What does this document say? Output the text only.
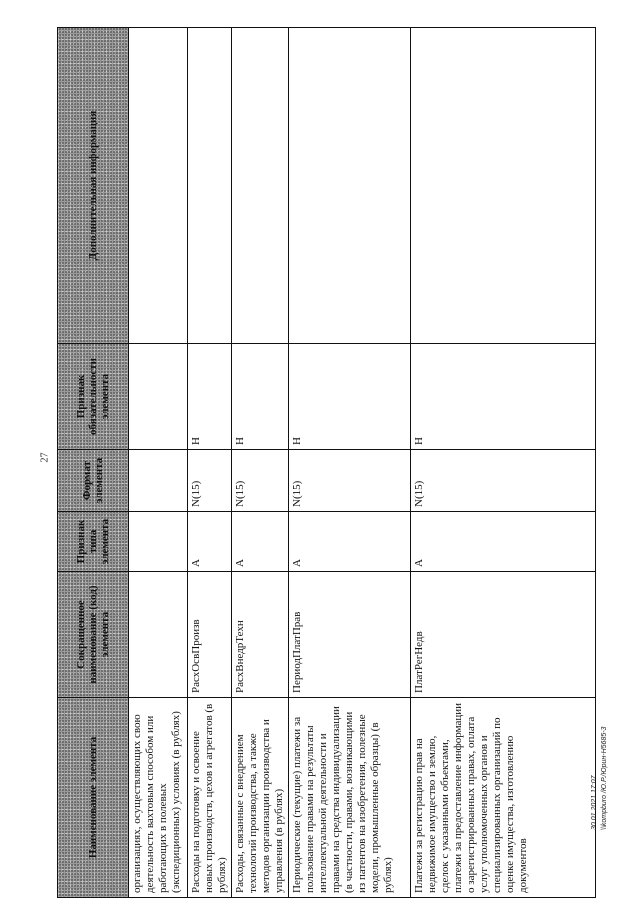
27
Наименование элемента	Сокращенное наименование (код) элемента	Признак типа элемента	Формат элемента	Признак обязательности элемента	Дополнительная информация
организациях, осуществляющих свою деятельность вахтовым способом или работающих в полевых (экспедиционных) условиях (в рублях)					
Расходы на подготовку и освоение новых производств, цехов и агрегатов (в рублях)	РасхОсвПроизв	А	N(15)	Н	
Расходы, связанные с внедрением технологий производства, а также методов организации производства и управления (в рублях)	РасхВнедрТехн	А	N(15)	Н	
Периодические (текущие) платежи за пользование правами на результаты интеллектуальной деятельности и правами на средства индивидуализации (в частности, правами, возникающими из патентов на изобретения, полезные модели, промышленные образцы) (в рублях)	ПериодПлатПрав	А	N(15)	Н	
Платежи за регистрацию прав на недвижимое имущество и землю, сделок с указанными объектами, платежи за предоставление информации о зарегистрированных правах, оплата услуг уполномоченных органов и специализированных организаций по оценке имущества, изготовлению документов	ПлатРегНедв	А	N(15)	Н	
30.01.2021 17:07 \\kompburo /Ю.Р./Юрин-Н5685-3
